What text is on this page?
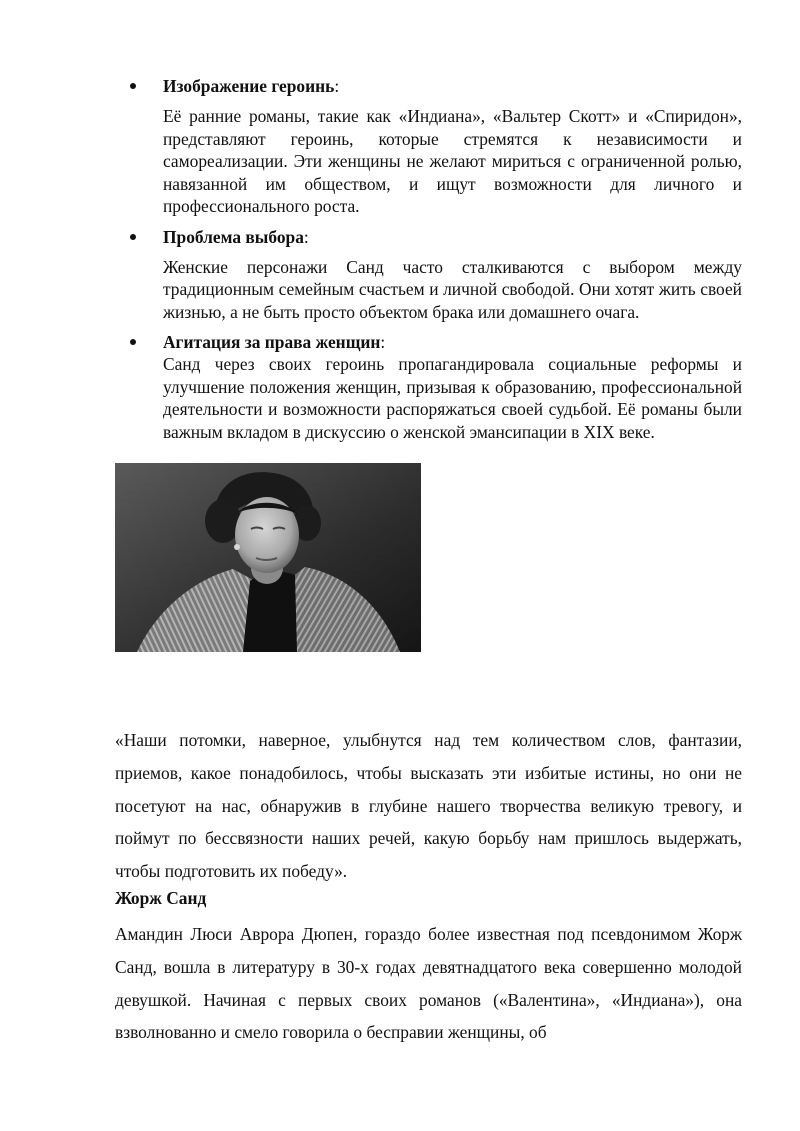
Изображение героинь:
Её ранние романы, такие как «Индиана», «Вальтер Скотт» и «Спиридон», представляют героинь, которые стремятся к независимости и самореализации. Эти женщины не желают мириться с ограниченной ролью, навязанной им обществом, и ищут возможности для личного и профессионального роста.
Проблема выбора:
Женские персонажи Санд часто сталкиваются с выбором между традиционным семейным счастьем и личной свободой. Они хотят жить своей жизнью, а не быть просто объектом брака или домашнего очага.
Агитация за права женщин:
Санд через своих героинь пропагандировала социальные реформы и улучшение положения женщин, призывая к образованию, профессиональной деятельности и возможности распоряжаться своей судьбой. Её романы были важным вкладом в дискуссию о женской эмансипации в XIX веке.

«Наши потомки, наверное, улыбнутся над тем количеством слов, фантазии, приемов, какое понадобилось, чтобы высказать эти избитые истины, но они не посетуют на нас, обнаружив в глубине нашего творчества великую тревогу, и поймут по бессвязности наших речей, какую борьбу нам пришлось выдержать, чтобы подготовить их победу».

Жорж Санд

Амандин Люси Аврора Дюпен, гораздо более известная под псевдонимом Жорж Санд, вошла в литературу в 30-х годах девятнадцатого века совершенно молодой девушкой. Начиная с первых своих романов («Валентина», «Индиана»), она взволнованно и смело говорила о бесправии женщины, об
